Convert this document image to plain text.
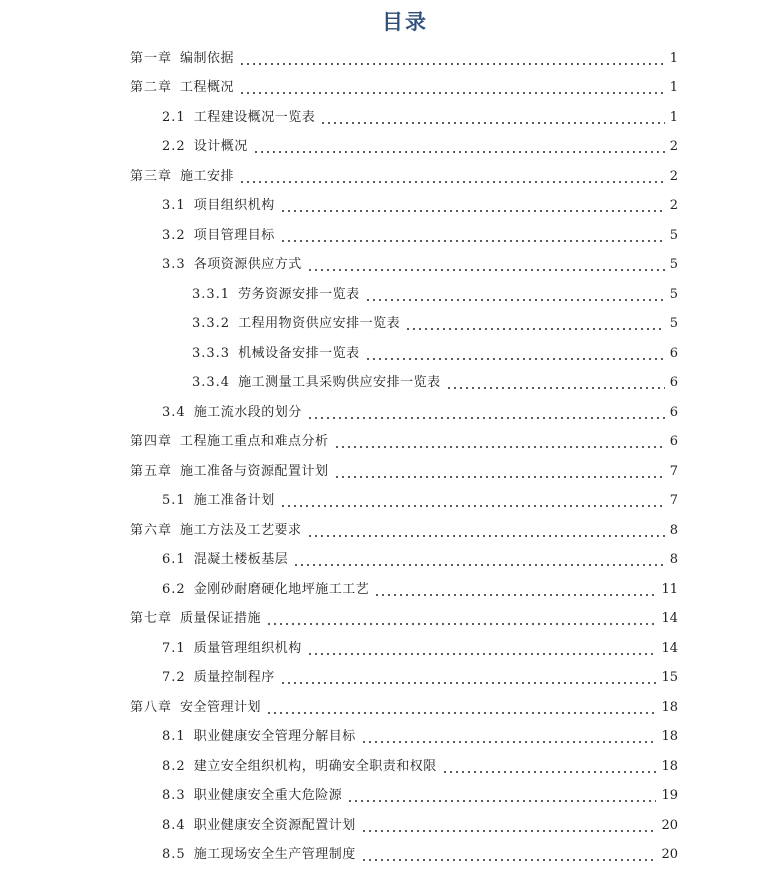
目录
第一章 编制依据	1
第二章 工程概况	1
2.1 工程建设概况一览表	1
2.2 设计概况	2
第三章 施工安排	2
3.1 项目组织机构	2
3.2 项目管理目标	5
3.3 各项资源供应方式	5
3.3.1 劳务资源安排一览表	5
3.3.2 工程用物资供应安排一览表	5
3.3.3 机械设备安排一览表	6
3.3.4 施工测量工具采购供应安排一览表	6
3.4 施工流水段的划分	6
第四章 工程施工重点和难点分析	6
第五章 施工准备与资源配置计划	7
5.1 施工准备计划	7
第六章 施工方法及工艺要求	8
6.1 混凝土楼板基层	8
6.2 金刚砂耐磨硬化地坪施工工艺	11
第七章 质量保证措施	14
7.1 质量管理组织机构	14
7.2 质量控制程序	15
第八章 安全管理计划	18
8.1 职业健康安全管理分解目标	18
8.2 建立安全组织机构，明确安全职责和权限	18
8.3 职业健康安全重大危险源	19
8.4 职业健康安全资源配置计划	20
8.5 施工现场安全生产管理制度	20
